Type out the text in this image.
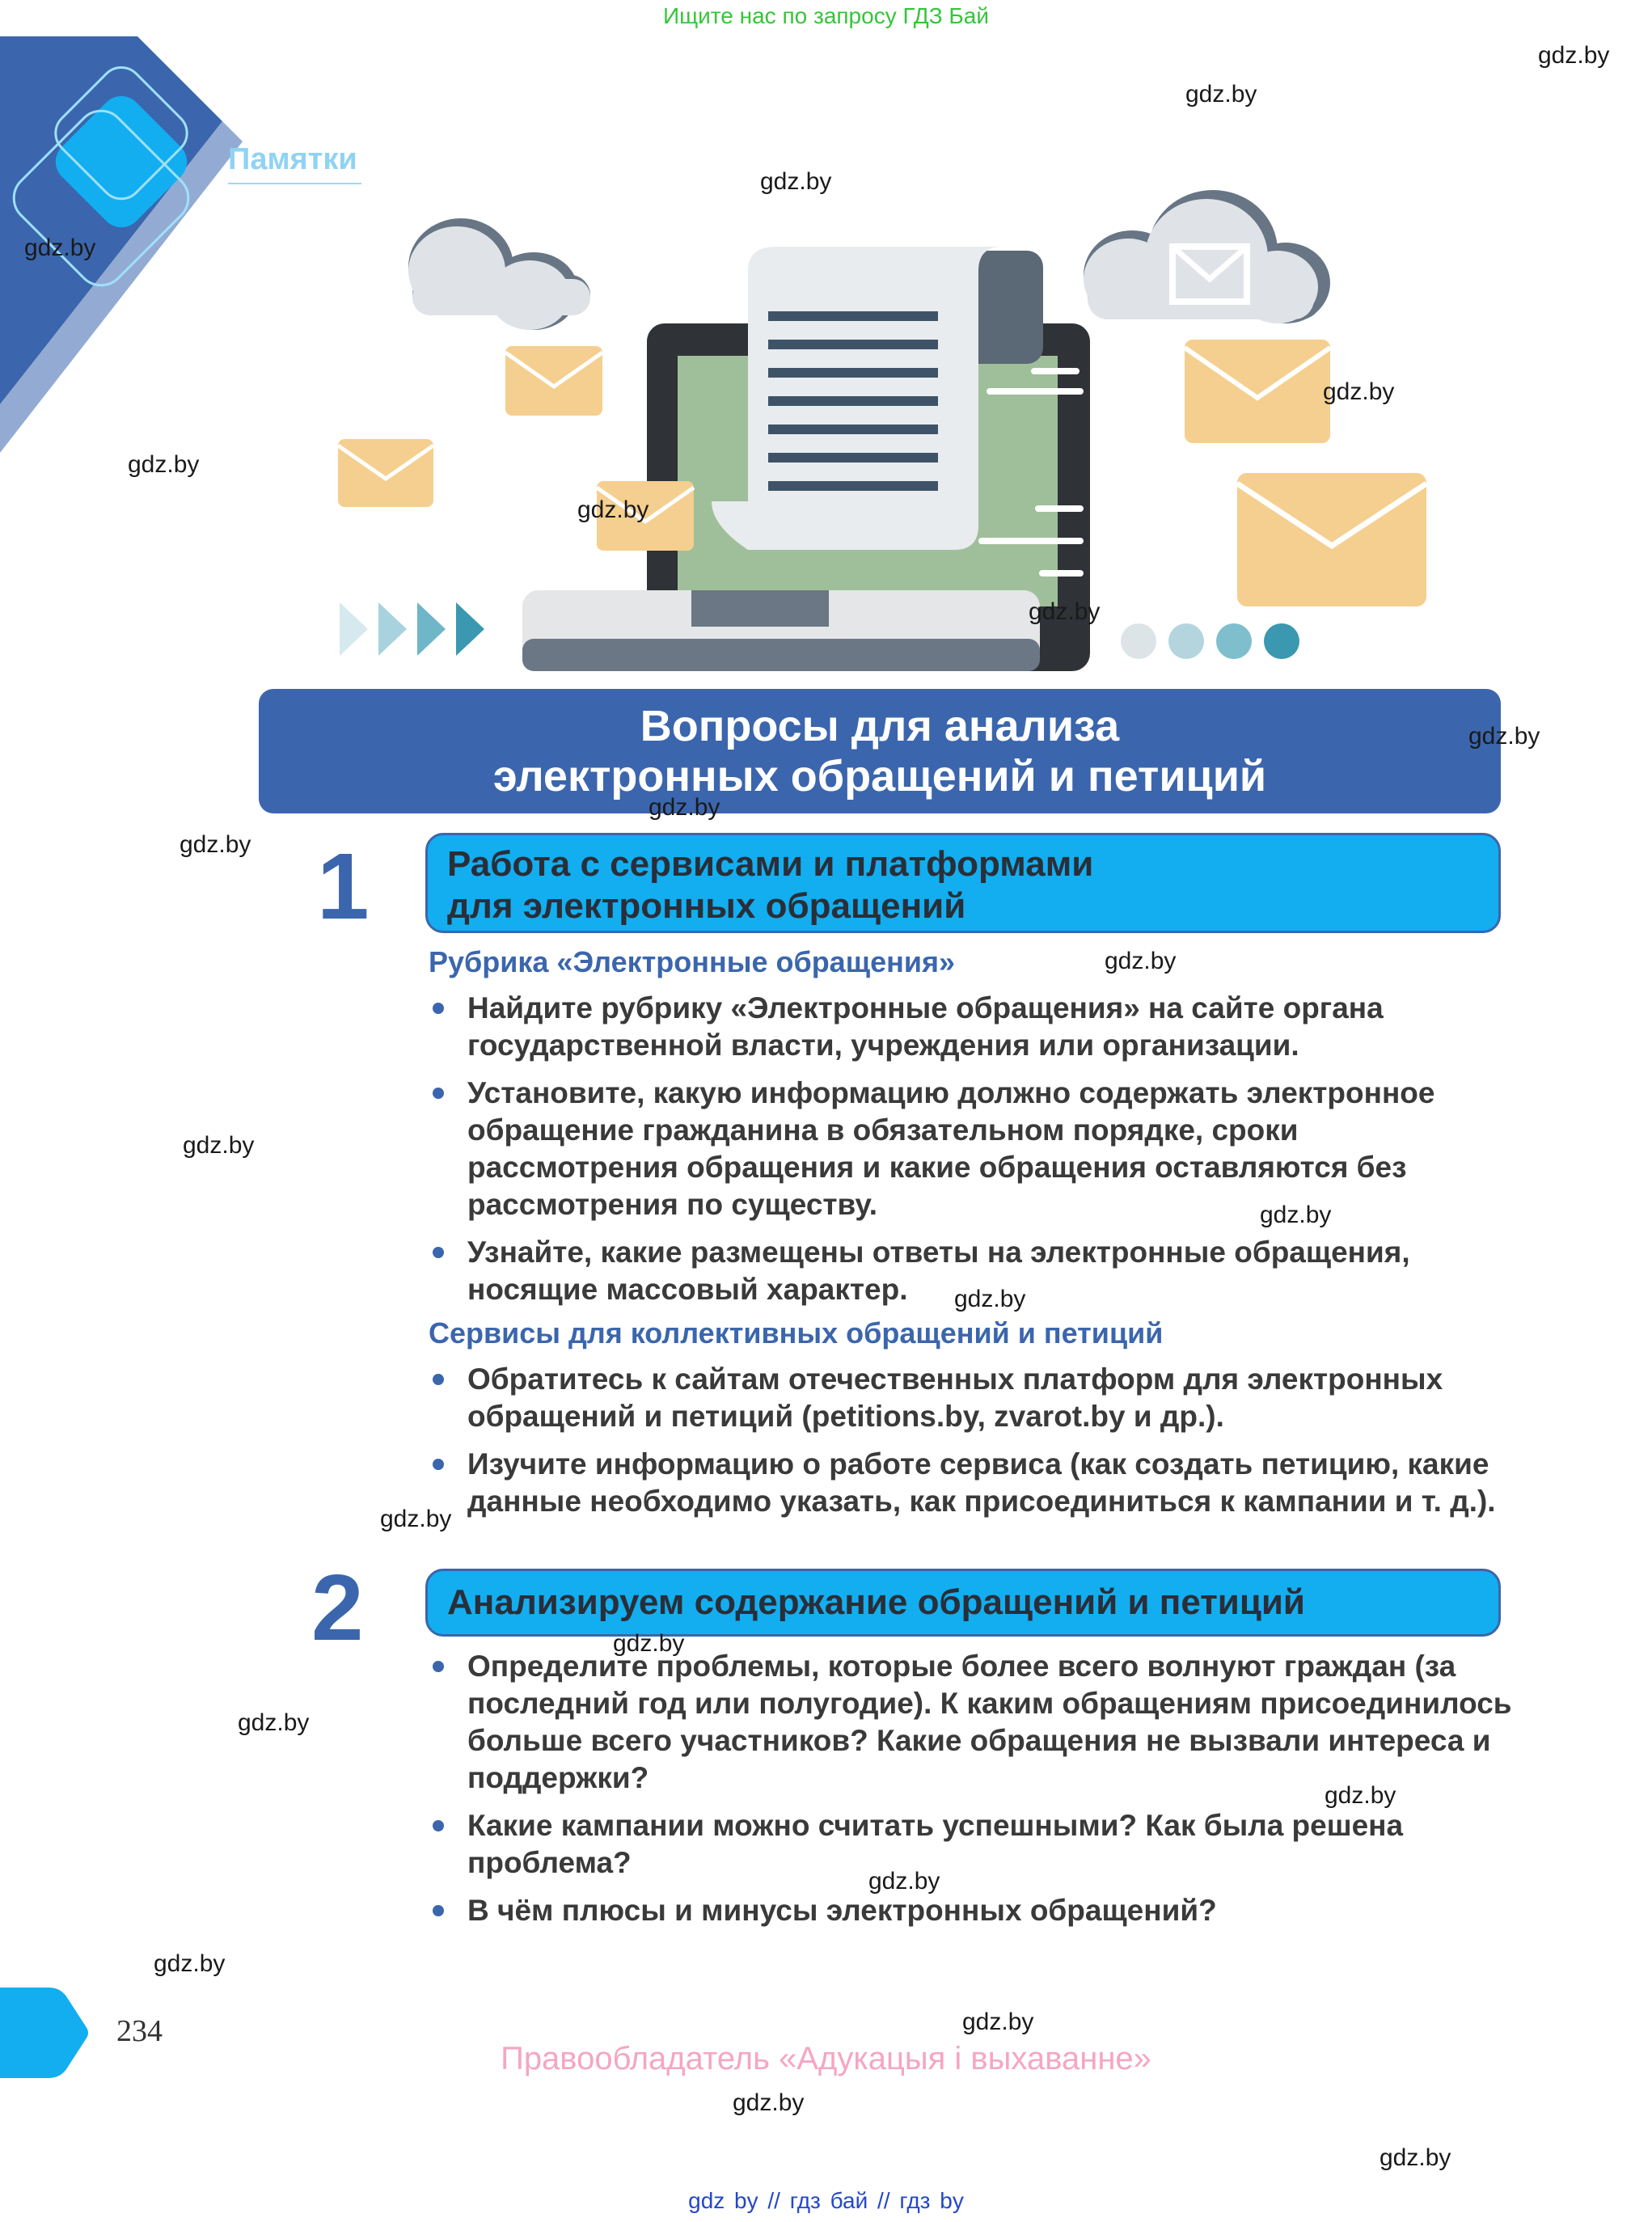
Ищите нас по запросу ГДЗ Бай
Памятки
Вопросы для анализа
электронных обращений и петиций
1 Работа с сервисами и платформами
для электронных обращений
Рубрика «Электронные обращения»
Найдите рубрику «Электронные обращения» на сайте органа государственной власти, учреждения или организации.
Установите, какую информацию должно содержать электронное обращение гражданина в обязательном порядке, сроки рассмотрения обращения и какие обращения оставляются без рассмотрения по существу.
Узнайте, какие размещены ответы на электронные обращения, носящие массовый характер.
Сервисы для коллективных обращений и петиций
Обратитесь к сайтам отечественных платформ для электронных обращений и петиций (petitions.by, zvarot.by и др.).
Изучите информацию о работе сервиса (как создать петицию, какие данные необходимо указать, как присоединиться к кампании и т. д.).
2 Анализируем содержание обращений и петиций
Определите проблемы, которые более всего волнуют граждан (за последний год или полугодие). К каким обращениям присоединилось больше всего участников? Какие обращения не вызвали интереса и поддержки?
Какие кампании можно считать успешными? Как была решена проблема?
В чём плюсы и минусы электронных обращений?
234
Правообладатель «Адукацыя і выхаванне»
gdz by // гдз бай // гдз by
gdz.by
gdz.by
gdz.by
gdz.by
gdz.by
gdz.by
gdz.by
gdz.by
gdz.by
gdz.by
gdz.by
gdz.by
gdz.by
gdz.by
gdz.by
gdz.by
gdz.by
gdz.by
gdz.by
gdz.by
gdz.by
gdz.by
gdz.by
gdz.by
